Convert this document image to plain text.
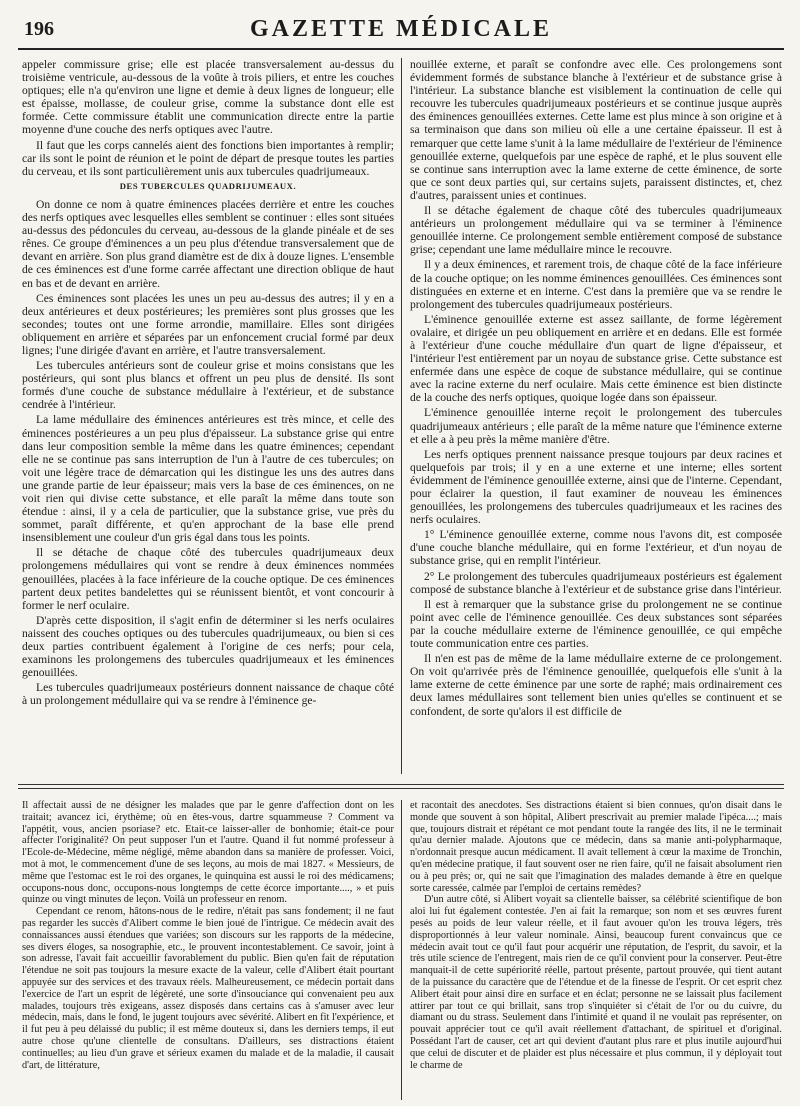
196	GAZETTE MÉDICALE

appeler commissure grise; elle est placée transversalement au-dessus du troisième ventricule, au-dessous de la voûte à trois piliers, et entre les couches optiques; elle n'a qu'environ une ligne et demie à deux lignes de longueur; elle est épaisse, mollasse, de couleur grise, comme la substance dont elle est formée. Cette commissure établit une communication directe entre la partie moyenne d'une couche des nerfs optiques avec l'autre.

Il faut que les corps cannelés aient des fonctions bien importantes à remplir; car ils sont le point de réunion et le point de départ de presque toutes les parties du cerveau, et ils sont particulièrement unis aux tubercules quadrijumeaux.

DES TUBERCULES QUADRIJUMEAUX.

On donne ce nom à quatre éminences placées derrière et entre les couches des nerfs optiques avec lesquelles elles semblent se continuer : elles sont situées au-dessus des pédoncules du cerveau, au-dessous de la glande pinéale et de ses rênes. Ce groupe d'éminences a un peu plus d'étendue transversalement que de devant en arrière. Son plus grand diamètre est de dix à douze lignes. L'ensemble de ces éminences est d'une forme carrée affectant une direction oblique de haut en bas et de devant en arrière.

Ces éminences sont placées les unes un peu au-dessus des autres; il y en a deux antérieures et deux postérieures; les premières sont plus grosses que les secondes; toutes ont une forme arrondie, mamillaire. Elles sont dirigées obliquement en arrière et séparées par un enfoncement crucial formé par deux lignes; l'une dirigée d'avant en arrière, et l'autre transversalement.

Les tubercules antérieurs sont de couleur grise et moins consistans que les postérieurs, qui sont plus blancs et offrent un peu plus de densité. Ils sont formés d'une couche de substance médullaire à l'extérieur, et de substance cendrée à l'intérieur.

La lame médullaire des éminences antérieures est très mince, et celle des éminences postérieures a un peu plus d'épaisseur. La substance grise qui entre dans leur composition semble la même dans les quatre éminences; cependant elle ne se continue pas sans interruption de l'un à l'autre de ces tubercules; on voit une légère trace de démarcation qui les distingue les uns des autres dans une grande partie de leur épaisseur; mais vers la base de ces éminences, on ne voit rien qui divise cette substance, et elle paraît la même dans toute son étendue : ainsi, il y a cela de particulier, que la substance grise, vue près du sommet, paraît différente, et qu'en approchant de la base elle prend insensiblement une couleur d'un gris égal dans tous les points.

Il se détache de chaque côté des tubercules quadrijumeaux deux prolongemens médullaires qui vont se rendre à deux éminences nommées genouillées, placées à la face inférieure de la couche optique. De ces éminences partent deux petites bandelettes qui se réunissent bientôt, et vont concourir à former le nerf oculaire.

D'après cette disposition, il s'agit enfin de déterminer si les nerfs oculaires naissent des couches optiques ou des tubercules quadrijumeaux, ou bien si ces deux parties contribuent également à l'origine de ces nerfs; pour cela, examinons les prolongemens des tubercules quadrijumeaux et les éminences genouillées.

Les tubercules quadrijumeaux postérieurs donnent naissance de chaque côté à un prolongement médullaire qui va se rendre à l'éminence ge-

nouillée externe, et paraît se confondre avec elle. Ces prolongemens sont évidemment formés de substance blanche à l'extérieur et de substance grise à l'intérieur. La substance blanche est visiblement la continuation de celle qui recouvre les tubercules quadrijumeaux postérieurs et se continue jusque auprès des éminences genouillées externes. Cette lame est plus mince à son origine et à sa terminaison que dans son milieu où elle a une certaine épaisseur. Il est à remarquer que cette lame s'unit à la lame médullaire de l'extérieur de l'éminence genouillée externe, quelquefois par une espèce de raphé, et le plus souvent elle se continue sans interruption avec la lame externe de cette éminence, de sorte que ce sont deux parties qui, sur certains sujets, paraissent distinctes, et, chez d'autres, paraissent unies et continues.

Il se détache également de chaque côté des tubercules quadrijumeaux antérieurs un prolongement médullaire qui va se terminer à l'éminence genouillée interne. Ce prolongement semble entièrement composé de substance grise; cependant une lame médullaire mince le recouvre.

Il y a deux éminences, et rarement trois, de chaque côté de la face inférieure de la couche optique; on les nomme éminences genouillées. Ces éminences sont distinguées en externe et en interne. C'est dans la première que va se rendre le prolongement des tubercules quadrijumeaux postérieurs.

L'éminence genouillée externe est assez saillante, de forme légèrement ovalaire, et dirigée un peu obliquement en arrière et en dedans. Elle est formée à l'extérieur d'une couche médullaire d'un quart de ligne d'épaisseur, et l'intérieur l'est entièrement par un noyau de substance grise. Cette substance est enfermée dans une espèce de coque de substance médullaire, qui se continue avec la racine externe du nerf oculaire. Mais cette éminence est bien distincte de la couche des nerfs optiques, quoique logée dans son épaisseur.

L'éminence genouillée interne reçoit le prolongement des tubercules quadrijumeaux antérieurs ; elle paraît de la même nature que l'éminence externe et elle a à peu près la même manière d'être.

Les nerfs optiques prennent naissance presque toujours par deux racines et quelquefois par trois; il y en a une externe et une interne; elles sortent évidemment de l'éminence genouillée externe, ainsi que de l'interne. Cependant, pour éclairer la question, il faut examiner de nouveau les éminences genouillées, les prolongemens des tubercules quadrijumeaux et les racines des nerfs oculaires.

1° L'éminence genouillée externe, comme nous l'avons dit, est composée d'une couche blanche médullaire, qui en forme l'extérieur, et d'un noyau de substance grise, qui en remplit l'intérieur.

2° Le prolongement des tubercules quadrijumeaux postérieurs est également composé de substance blanche à l'extérieur et de substance grise dans l'intérieur.

Il est à remarquer que la substance grise du prolongement ne se continue point avec celle de l'éminence genouillée. Ces deux substances sont séparées par la couche médullaire externe de l'éminence genouillée, ce qui empêche toute communication entre ces parties.

Il n'en est pas de même de la lame médullaire externe de ce prolongement. On voit qu'arrivée près de l'éminence genouillée, quelquefois elle s'unit à la lame externe de cette éminence par une sorte de raphé; mais ordinairement ces deux lames médullaires sont tellement bien unies qu'elles se continuent et se confondent, de sorte qu'alors il est difficile de

Il affectait aussi de ne désigner les malades que par le genre d'affection dont on les traitait; avancez ici, érythème; où en êtes-vous, dartre squammeuse ? Comment va l'appétit, vous, ancien psoriase? etc. Etait-ce laisser-aller de bonhomie; était-ce pour affecter l'originalité? On peut supposer l'un et l'autre. Quand il fut nommé professeur à l'Ecole-de-Médecine, même négligé, même abandon dans sa manière de professer. Voici, mot à mot, le commencement d'une de ses leçons, au mois de mai 1827. « Messieurs, de même que l'estomac est le roi des organes, le quinquina est aussi le roi des médicamens; occupons-nous donc, occupons-nous longtemps de cette écorce importante...., » et puis quinze ou vingt minutes de leçon. Voilà un professeur en renom.

Cependant ce renom, hâtons-nous de le redire, n'était pas sans fondement; il ne faut pas regarder les succès d'Alibert comme le bien joué de l'intrigue. Ce médecin avait des connaissances aussi étendues que variées; son discours sur les rapports de la médecine, ses divers éloges, sa nosographie, etc., le prouvent incontestablement. Ce savoir, joint à son adresse, l'avait fait accueillir favorablement du public. Bien qu'en fait de réputation l'étendue ne soit pas toujours la mesure exacte de la valeur, celle d'Alibert était pourtant appuyée sur des services et des travaux réels. Malheureusement, ce médecin portait dans l'exercice de l'art un esprit de légèreté, une sorte d'insouciance qui convenaient peu aux malades, toujours très exigeans, assez disposés dans certains cas à s'amuser avec leur médecin, mais, dans le fond, le jugent toujours avec sévérité. Alibert en fit l'expérience, et il fut peu à peu délaissé du public; il est même douteux si, dans les derniers temps, il eut autre chose qu'une clientelle de consultans. D'ailleurs, ses distractions étaient continuelles; au lieu d'un grave et sérieux examen du malade et de la maladie, il causait d'art, de littérature,

et racontait des anecdotes. Ses distractions étaient si bien connues, qu'on disait dans le monde que souvent à son hôpital, Alibert prescrivait au premier malade l'ipéca....; mais que, toujours distrait et répétant ce mot pendant toute la rangée des lits, il ne le terminait qu'au dernier malade. Ajoutons que ce médecin, dans sa manie anti-polypharmaque, n'ordonnait presque aucun médicament. Il avait tellement à cœur la maxime de Tronchin, qu'en médecine pratique, il faut souvent oser ne rien faire, qu'il ne faisait absolument rien ou à peu près; or, qui ne sait que l'imagination des malades demande à être en quelque sorte caressée, calmée par l'emploi de certains remèdes?

D'un autre côté, si Alibert voyait sa clientelle baisser, sa célébrité scientifique de bon aloi lui fut également contestée. J'en ai fait la remarque; son nom et ses œuvres furent pesés au poids de leur valeur réelle, et il faut avouer qu'on les trouva légers, très disproportionnés à leur valeur nominale. Ainsi, beaucoup furent convaincus que ce médecin avait tout ce qu'il faut pour acquérir une réputation, de l'esprit, du savoir, et la très utile science de l'entregent, mais rien de ce qu'il convient pour la conserver. Peut-être manquait-il de cette supériorité réelle, partout présente, partout prouvée, qui tient autant de la puissance du caractère que de l'étendue et de la finesse de l'esprit. Or cet esprit chez Alibert était pour ainsi dire en surface et en éclat; personne ne se laissait plus facilement attirer par tout ce qui brillait, sans trop s'inquiéter si c'était de l'or ou du cuivre, du diamant ou du strass. Seulement dans l'intimité et quand il ne voulait pas représenter, on pouvait apprécier tout ce qu'il avait réellement d'attachant, de spirituel et d'original. Possédant l'art de causer, cet art qui devient d'autant plus rare et plus inutile aujourd'hui que celui de discuter et de plaider est plus nécessaire et plus commun, il y déployait tout le charme de
